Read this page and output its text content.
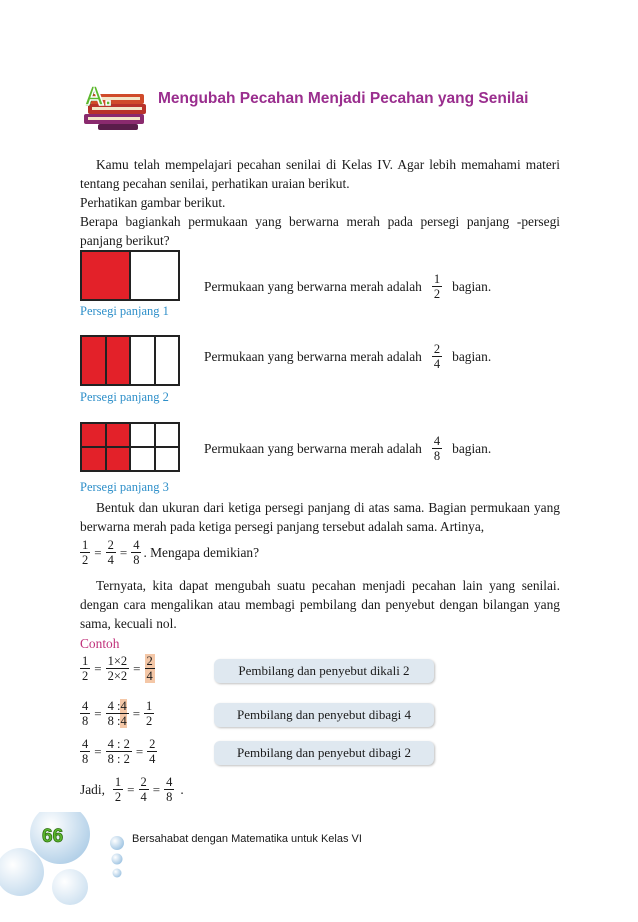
A.	Mengubah Pecahan Menjadi Pecahan yang Senilai
Kamu telah mempelajari pecahan senilai di Kelas IV. Agar lebih memahami materi tentang pecahan senilai, perhatikan uraian berikut.
Perhatikan gambar berikut.
Berapa bagiankah permukaan yang berwarna merah pada persegi panjang -persegi panjang berikut?
Persegi panjang 1
Permukaan yang berwarna merah adalah $\frac{1}{2}$ bagian.
Persegi panjang 2
Permukaan yang berwarna merah adalah $\frac{2}{4}$ bagian.
Persegi panjang 3
Permukaan yang berwarna merah adalah $\frac{4}{8}$ bagian.
Bentuk dan ukuran dari ketiga persegi panjang di atas sama. Bagian permukaan yang berwarna merah pada ketiga persegi panjang tersebut adalah sama. Artinya,
$\frac{1}{2} = \frac{2}{4} = \frac{4}{8}$ . Mengapa demikian?
Ternyata, kita dapat mengubah suatu pecahan menjadi pecahan lain yang senilai. dengan cara mengalikan atau membagi pembilang dan penyebut dengan bilangan yang sama, kecuali nol.
Contoh
$\frac{1}{2} = \frac{1\times 2}{2\times 2} = \frac{2}{4}$	Pembilang dan penyebut dikali 2
$\frac{4}{8} = \frac{4 :4}{8 :4} = \frac{1}{2}$	Pembilang dan penyebut dibagi 4
$\frac{4}{8} = \frac{4 : 2}{8 : 2} = \frac{2}{4}$	Pembilang dan penyebut dibagi 2
Jadi, $\frac{1}{2} = \frac{2}{4} = \frac{4}{8}$ .
66	Bersahabat dengan Matematika untuk Kelas VI
